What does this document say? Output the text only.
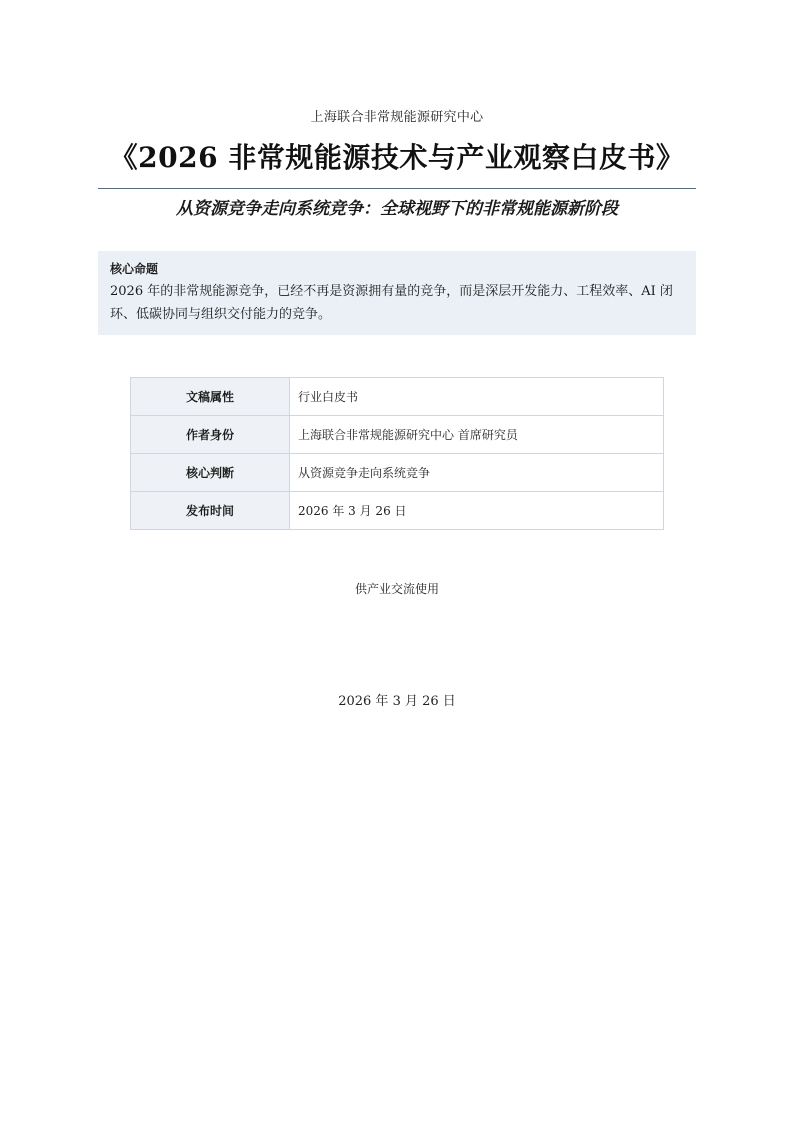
上海联合非常规能源研究中心
《2026 非常规能源技术与产业观察白皮书》
从资源竞争走向系统竞争：全球视野下的非常规能源新阶段
核心命题
2026 年的非常规能源竞争，已经不再是资源拥有量的竞争，而是深层开发能力、工程效率、AI 闭环、低碳协同与组织交付能力的竞争。
文稿属性	行业白皮书
作者身份	上海联合非常规能源研究中心 首席研究员
核心判断	从资源竞争走向系统竞争
发布时间	2026 年 3 月 26 日
供产业交流使用
2026 年 3 月 26 日
